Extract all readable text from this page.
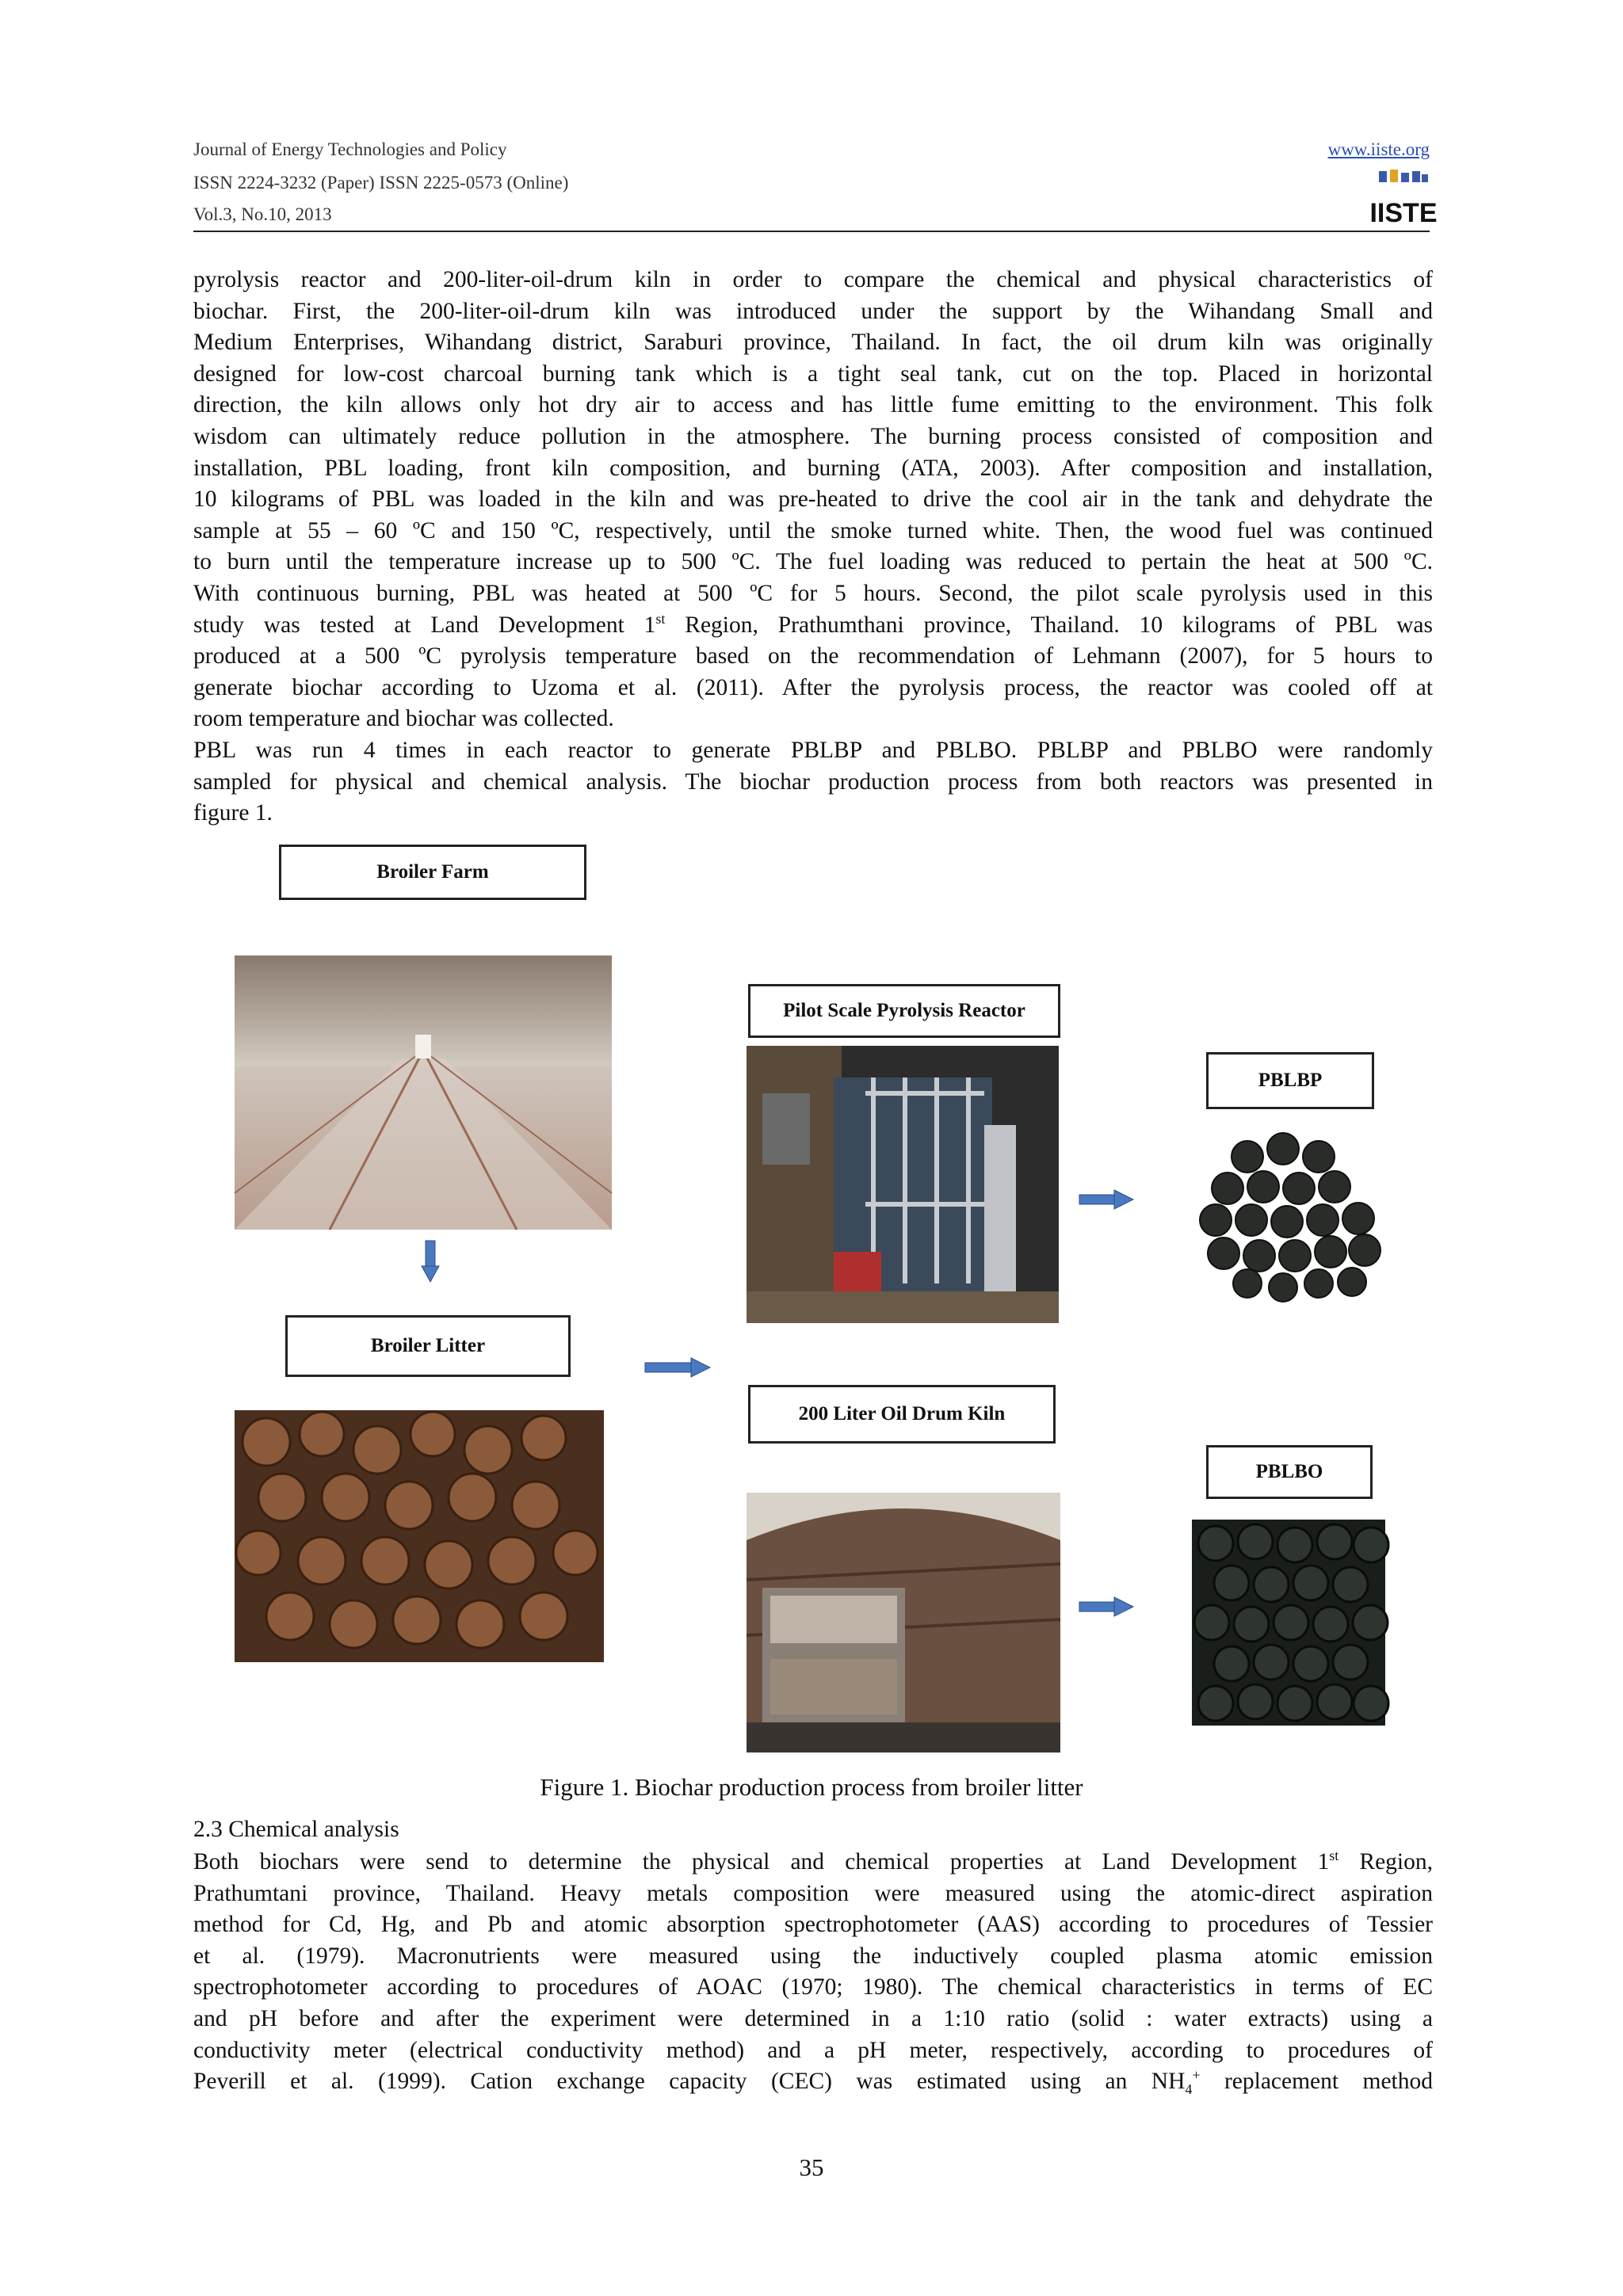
Journal of Energy Technologies and Policy
ISSN 2224-3232 (Paper) ISSN 2225-0573 (Online)
Vol.3, No.10, 2013
www.iiste.org
IISTE
pyrolysis reactor and 200-liter-oil-drum kiln in order to compare the chemical and physical characteristics of
biochar. First, the 200-liter-oil-drum kiln was introduced under the support by the Wihandang Small and
Medium Enterprises, Wihandang district, Saraburi province, Thailand. In fact, the oil drum kiln was originally
designed for low-cost charcoal burning tank which is a tight seal tank, cut on the top. Placed in horizontal
direction, the kiln allows only hot dry air to access and has little fume emitting to the environment. This folk
wisdom can ultimately reduce pollution in the atmosphere. The burning process consisted of composition and
installation, PBL loading, front kiln composition, and burning (ATA, 2003). After composition and installation,
10 kilograms of PBL was loaded in the kiln and was pre-heated to drive the cool air in the tank and dehydrate the
sample at 55 – 60 ºC and 150 ºC, respectively, until the smoke turned white. Then, the wood fuel was continued
to burn until the temperature increase up to 500 ºC. The fuel loading was reduced to pertain the heat at 500 ºC.
With continuous burning, PBL was heated at 500 ºC for 5 hours. Second, the pilot scale pyrolysis used in this
study was tested at Land Development 1st Region, Prathumthani province, Thailand. 10 kilograms of PBL was
produced at a 500 ºC pyrolysis temperature based on the recommendation of Lehmann (2007), for 5 hours to
generate biochar according to Uzoma et al. (2011). After the pyrolysis process, the reactor was cooled off at
room temperature and biochar was collected.
PBL was run 4 times in each reactor to generate PBLBP and PBLBO. PBLBP and PBLBO were randomly
sampled for physical and chemical analysis. The biochar production process from both reactors was presented in
figure 1.
Broiler Farm
Broiler Litter
Pilot Scale Pyrolysis Reactor
200 Liter Oil Drum Kiln
PBLBP
PBLBO
Figure 1. Biochar production process from broiler litter
2.3 Chemical analysis
Both biochars were send to determine the physical and chemical properties at Land Development 1st Region,
Prathumtani province, Thailand. Heavy metals composition were measured using the atomic-direct aspiration
method for Cd, Hg, and Pb and atomic absorption spectrophotometer (AAS) according to procedures of Tessier
et al. (1979). Macronutrients were measured using the inductively coupled plasma atomic emission
spectrophotometer according to procedures of AOAC (1970; 1980). The chemical characteristics in terms of EC
and pH before and after the experiment were determined in a 1:10 ratio (solid : water extracts) using a
conductivity meter (electrical conductivity method) and a pH meter, respectively, according to procedures of
Peverill et al. (1999). Cation exchange capacity (CEC) was estimated using an $NH_4^+$ replacement method
35
